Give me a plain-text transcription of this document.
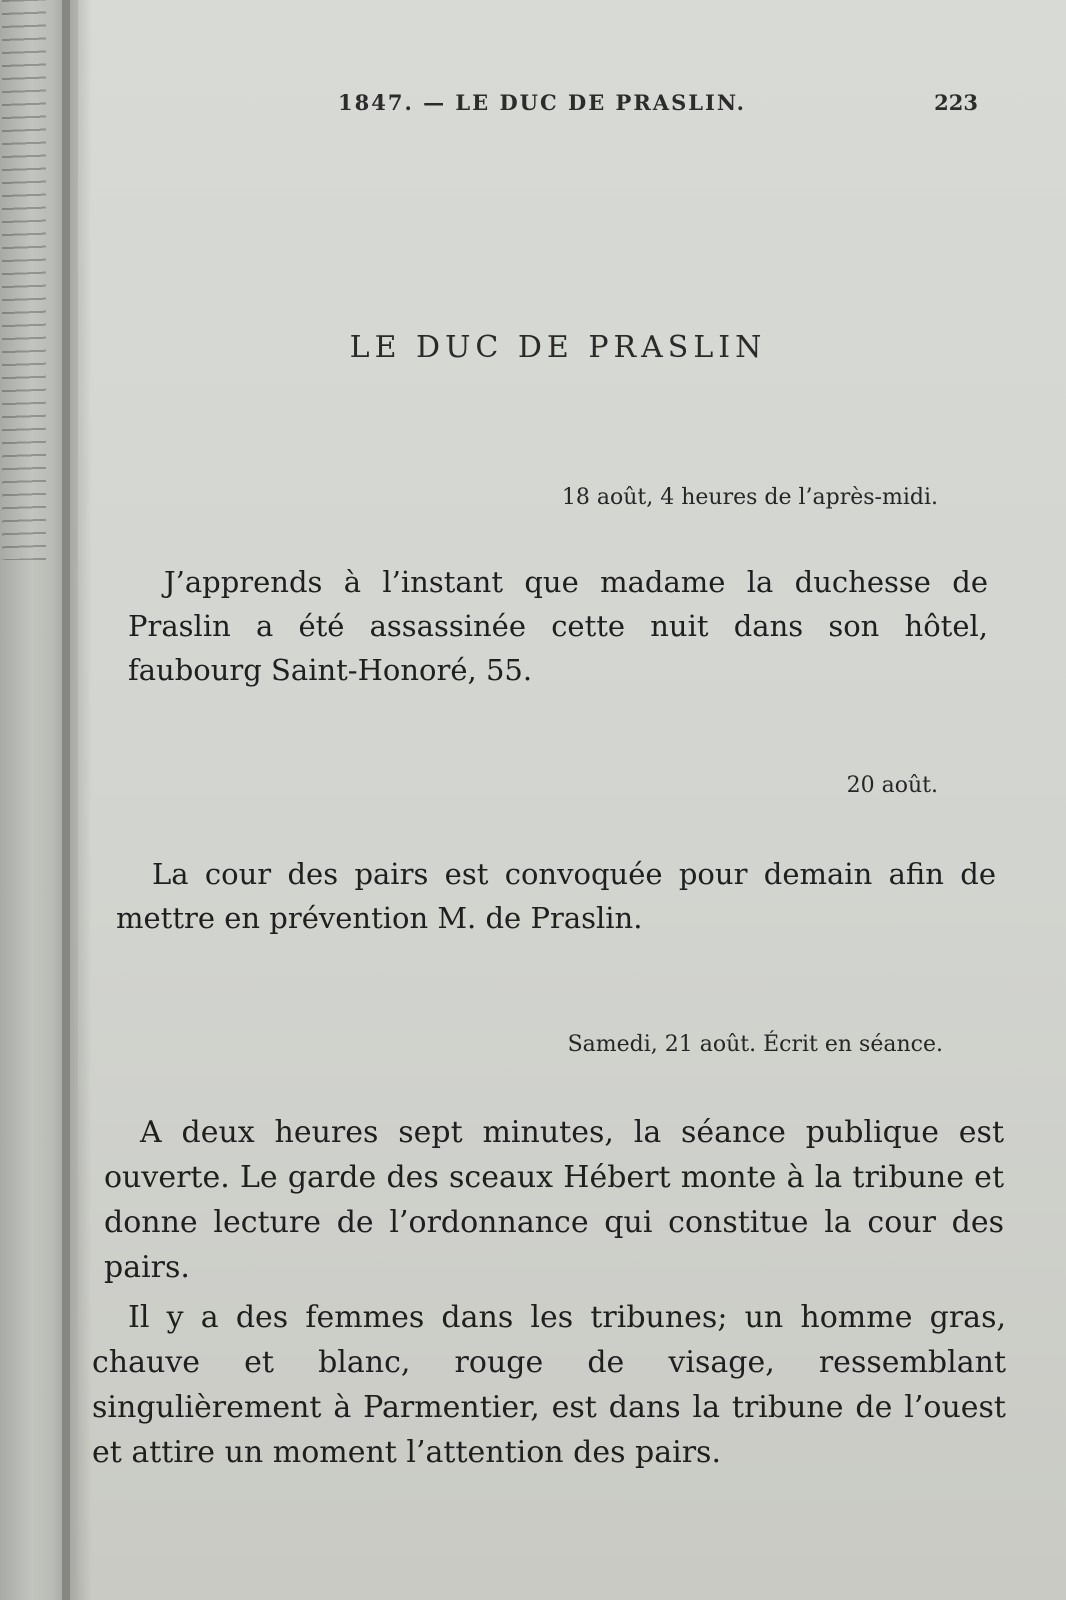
1847. — LE DUC DE PRASLIN.	223
LE DUC DE PRASLIN
18 août, 4 heures de l’après-midi.

J’apprends à l’instant que madame la duchesse de Praslin a été assassinée cette nuit dans son hôtel, faubourg Saint-Honoré, 55.

20 août.

La cour des pairs est convoquée pour demain afin de mettre en prévention M. de Praslin.

Samedi, 21 août. Écrit en séance.

A deux heures sept minutes, la séance publique est ouverte. Le garde des sceaux Hébert monte à la tribune et donne lecture de l’ordonnance qui constitue la cour des pairs.

Il y a des femmes dans les tribunes; un homme gras, chauve et blanc, rouge de visage, ressemblant singulièrement à Parmentier, est dans la tribune de l’ouest et attire un moment l’attention des pairs.
